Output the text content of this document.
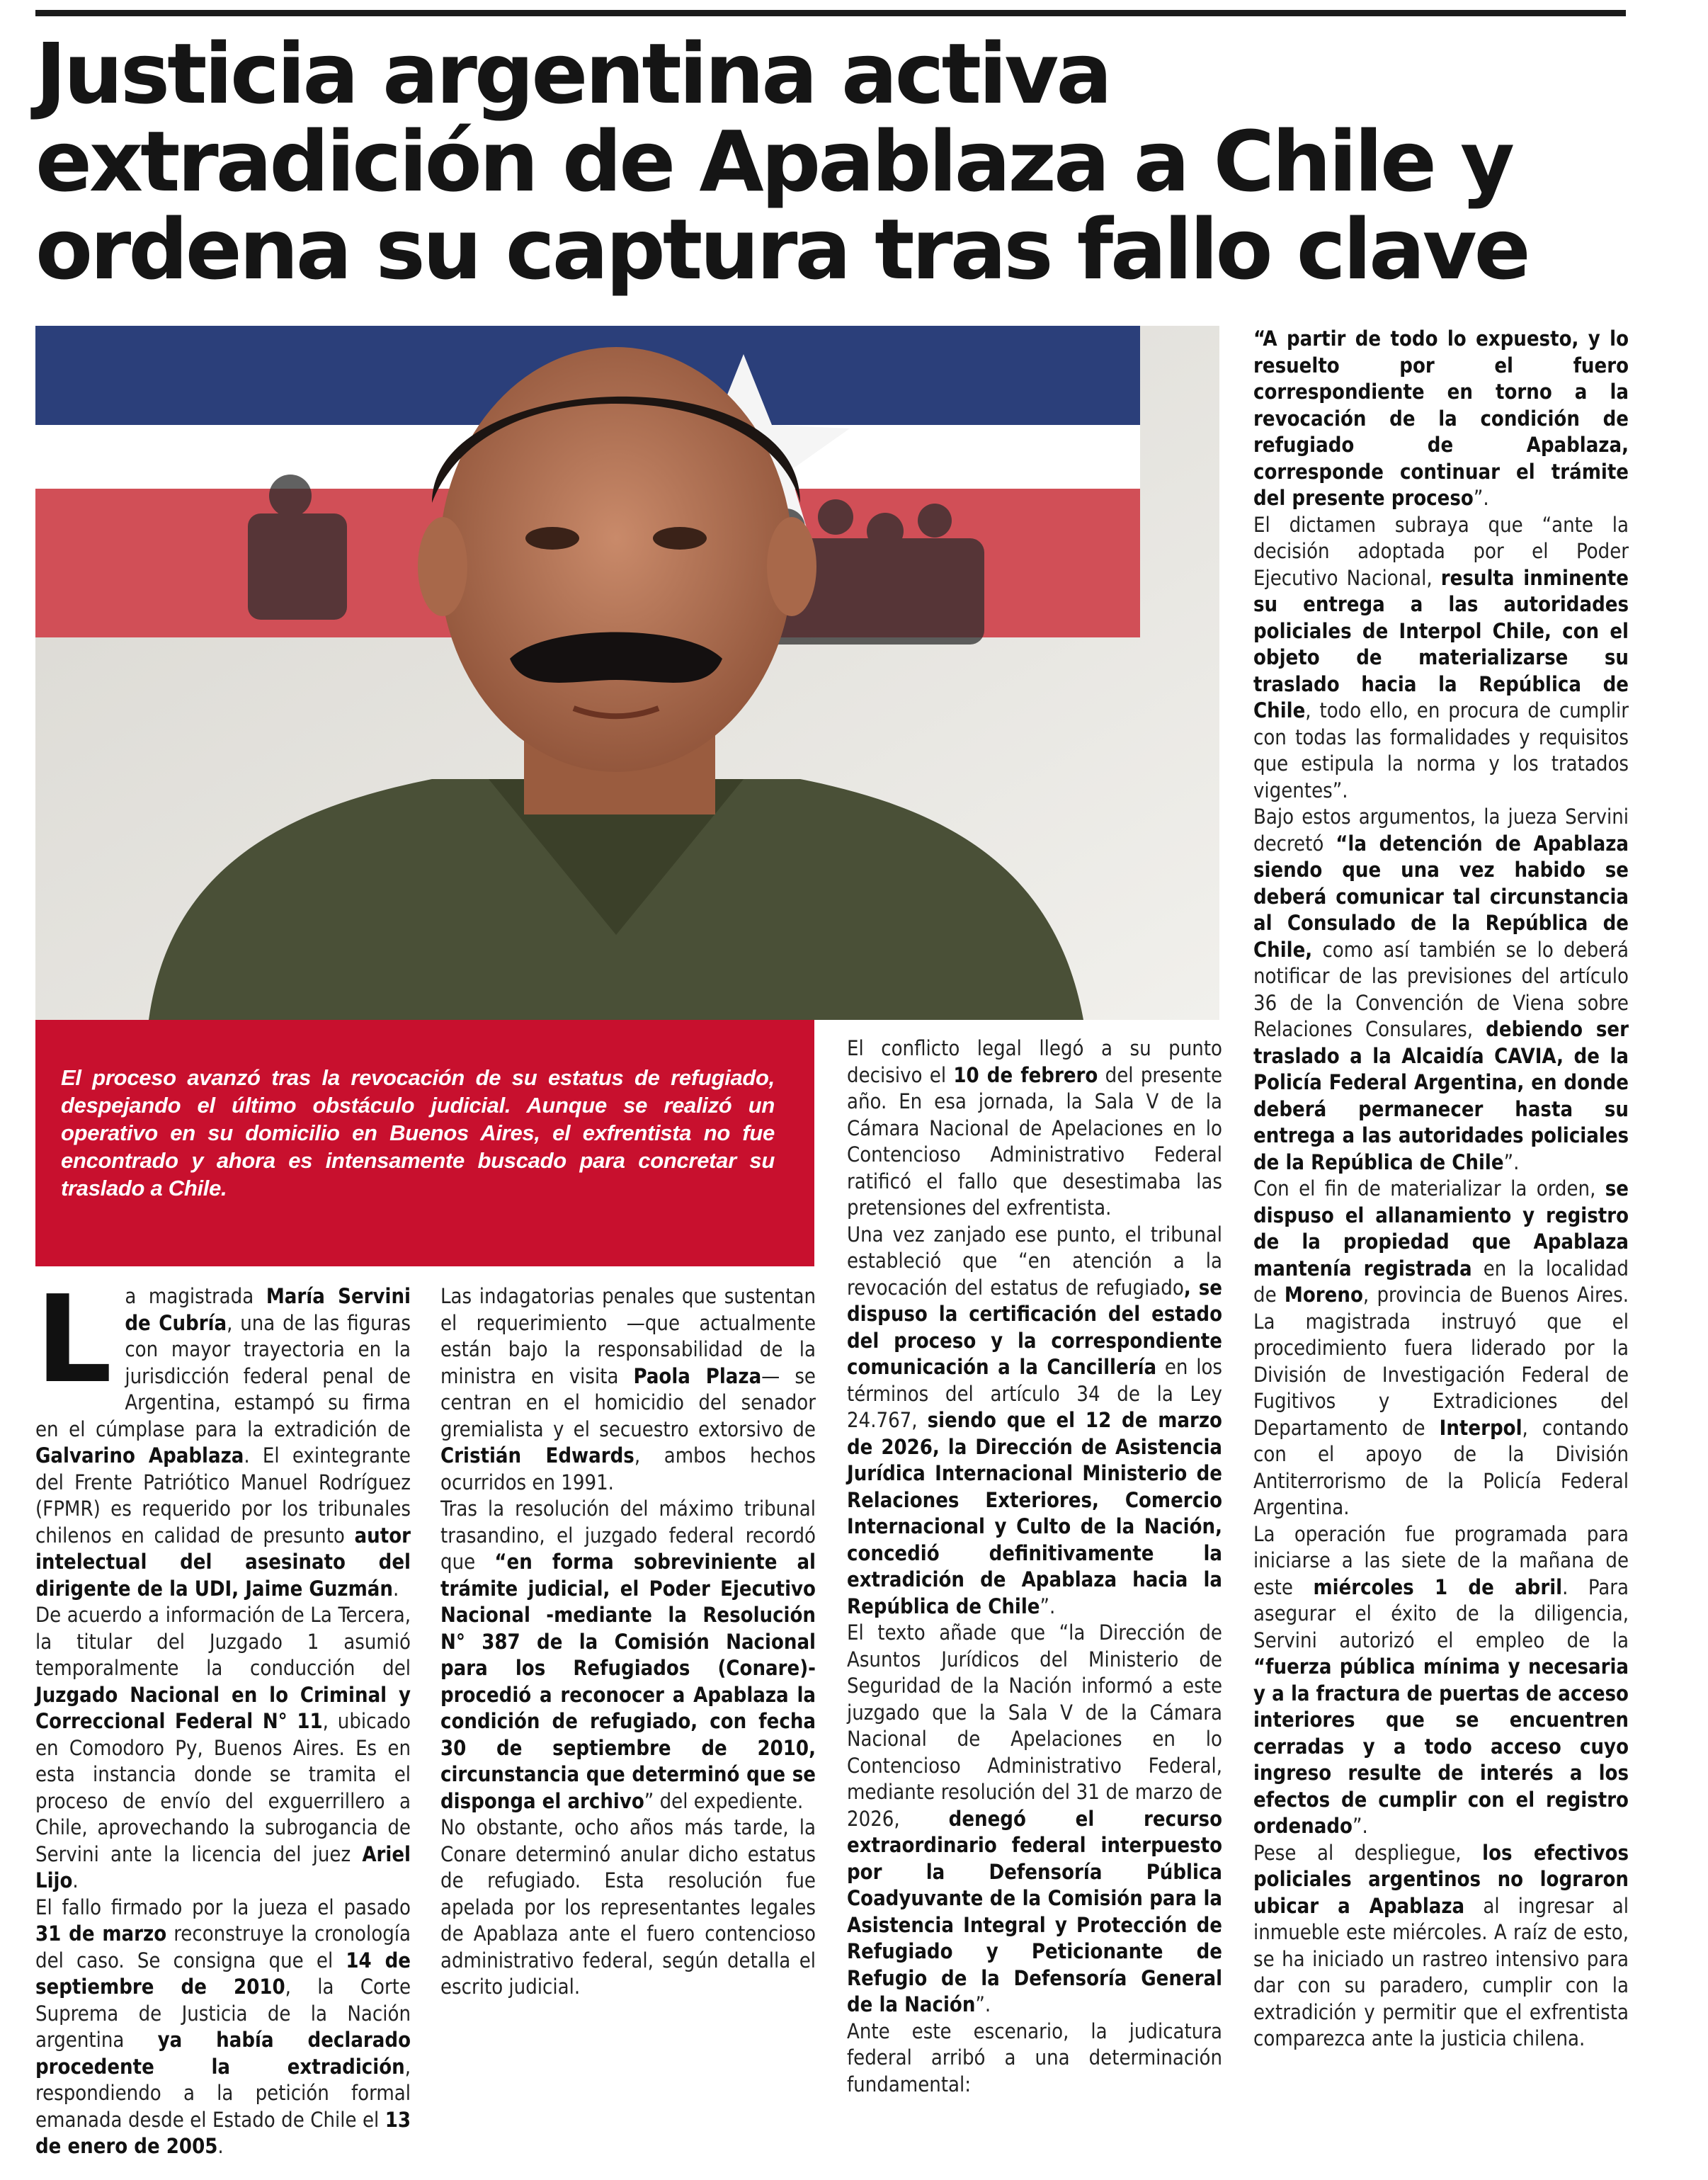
Justicia argentina activa extradición de Apablaza a Chile y ordena su captura tras fallo clave
El proceso avanzó tras la revocación de su estatus de refugiado, despejando el último obstáculo judicial. Aunque se realizó un operativo en su domicilio en Buenos Aires, el exfrentista no fue encontrado y ahora es intensamente buscado para concretar su traslado a Chile.

La magistrada María Servini de Cubría, una de las figuras con mayor trayectoria en la jurisdicción federal penal de Argentina, estampó su firma en el cúmplase para la extradición de Galvarino Apablaza. El exintegrante del Frente Patriótico Manuel Rodríguez (FPMR) es requerido por los tribunales chilenos en calidad de presunto autor intelectual del asesinato del dirigente de la UDI, Jaime Guzmán.

De acuerdo a información de La Tercera, la titular del Juzgado 1 asumió temporalmente la conducción del Juzgado Nacional en lo Criminal y Correccional Federal N° 11, ubicado en Comodoro Py, Buenos Aires. Es en esta instancia donde se tramita el proceso de envío del exguerrillero a Chile, aprovechando la subrogancia de Servini ante la licencia del juez Ariel Lijo.

El fallo firmado por la jueza el pasado 31 de marzo reconstruye la cronología del caso. Se consigna que el 14 de septiembre de 2010, la Corte Suprema de Justicia de la Nación argentina ya había declarado procedente la extradición, respondiendo a la petición formal emanada desde el Estado de Chile el 13 de enero de 2005.

Las indagatorias penales que sustentan el requerimiento —que actualmente están bajo la responsabilidad de la ministra en visita Paola Plaza— se centran en el homicidio del senador gremialista y el secuestro extorsivo de Cristián Edwards, ambos hechos ocurridos en 1991.

Tras la resolución del máximo tribunal trasandino, el juzgado federal recordó que “en forma sobreviniente al trámite judicial, el Poder Ejecutivo Nacional -mediante la Resolución N° 387 de la Comisión Nacional para los Refugiados (Conare)- procedió a reconocer a Apablaza la condición de refugiado, con fecha 30 de septiembre de 2010, circunstancia que determinó que se disponga el archivo” del expediente.

No obstante, ocho años más tarde, la Conare determinó anular dicho estatus de refugiado. Esta resolución fue apelada por los representantes legales de Apablaza ante el fuero contencioso administrativo federal, según detalla el escrito judicial.

El conflicto legal llegó a su punto decisivo el 10 de febrero del presente año. En esa jornada, la Sala V de la Cámara Nacional de Apelaciones en lo Contencioso Administrativo Federal ratificó el fallo que desestimaba las pretensiones del exfrentista.

Una vez zanjado ese punto, el tribunal estableció que “en atención a la revocación del estatus de refugiado, se dispuso la certificación del estado del proceso y la correspondiente comunicación a la Cancillería en los términos del artículo 34 de la Ley 24.767, siendo que el 12 de marzo de 2026, la Dirección de Asistencia Jurídica Internacional Ministerio de Relaciones Exteriores, Comercio Internacional y Culto de la Nación, concedió definitivamente la extradición de Apablaza hacia la República de Chile”.

El texto añade que “la Dirección de Asuntos Jurídicos del Ministerio de Seguridad de la Nación informó a este juzgado que la Sala V de la Cámara Nacional de Apelaciones en lo Contencioso Administrativo Federal, mediante resolución del 31 de marzo de 2026, denegó el recurso extraordinario federal interpuesto por la Defensoría Pública Coadyuvante de la Comisión para la Asistencia Integral y Protección de Refugiado y Peticionante de Refugio de la Defensoría General de la Nación”.

Ante este escenario, la judicatura federal arribó a una determinación fundamental:

“A partir de todo lo expuesto, y lo resuelto por el fuero correspondiente en torno a la revocación de la condición de refugiado de Apablaza, corresponde continuar el trámite del presente proceso”.

El dictamen subraya que “ante la decisión adoptada por el Poder Ejecutivo Nacional, resulta inminente su entrega a las autoridades policiales de Interpol Chile, con el objeto de materializarse su traslado hacia la República de Chile, todo ello, en procura de cumplir con todas las formalidades y requisitos que estipula la norma y los tratados vigentes”.

Bajo estos argumentos, la jueza Servini decretó “la detención de Apablaza siendo que una vez habido se deberá comunicar tal circunstancia al Consulado de la República de Chile, como así también se lo deberá notificar de las previsiones del artículo 36 de la Convención de Viena sobre Relaciones Consulares, debiendo ser traslado a la Alcaidía CAVIA, de la Policía Federal Argentina, en donde deberá permanecer hasta su entrega a las autoridades policiales de la República de Chile”.

Con el fin de materializar la orden, se dispuso el allanamiento y registro de la propiedad que Apablaza mantenía registrada en la localidad de Moreno, provincia de Buenos Aires. La magistrada instruyó que el procedimiento fuera liderado por la División de Investigación Federal de Fugitivos y Extradiciones del Departamento de Interpol, contando con el apoyo de la División Antiterrorismo de la Policía Federal Argentina.

La operación fue programada para iniciarse a las siete de la mañana de este miércoles 1 de abril. Para asegurar el éxito de la diligencia, Servini autorizó el empleo de la “fuerza pública mínima y necesaria y a la fractura de puertas de acceso interiores que se encuentren cerradas y a todo acceso cuyo ingreso resulte de interés a los efectos de cumplir con el registro ordenado”.

Pese al despliegue, los efectivos policiales argentinos no lograron ubicar a Apablaza al ingresar al inmueble este miércoles. A raíz de esto, se ha iniciado un rastreo intensivo para dar con su paradero, cumplir con la extradición y permitir que el exfrentista comparezca ante la justicia chilena.
